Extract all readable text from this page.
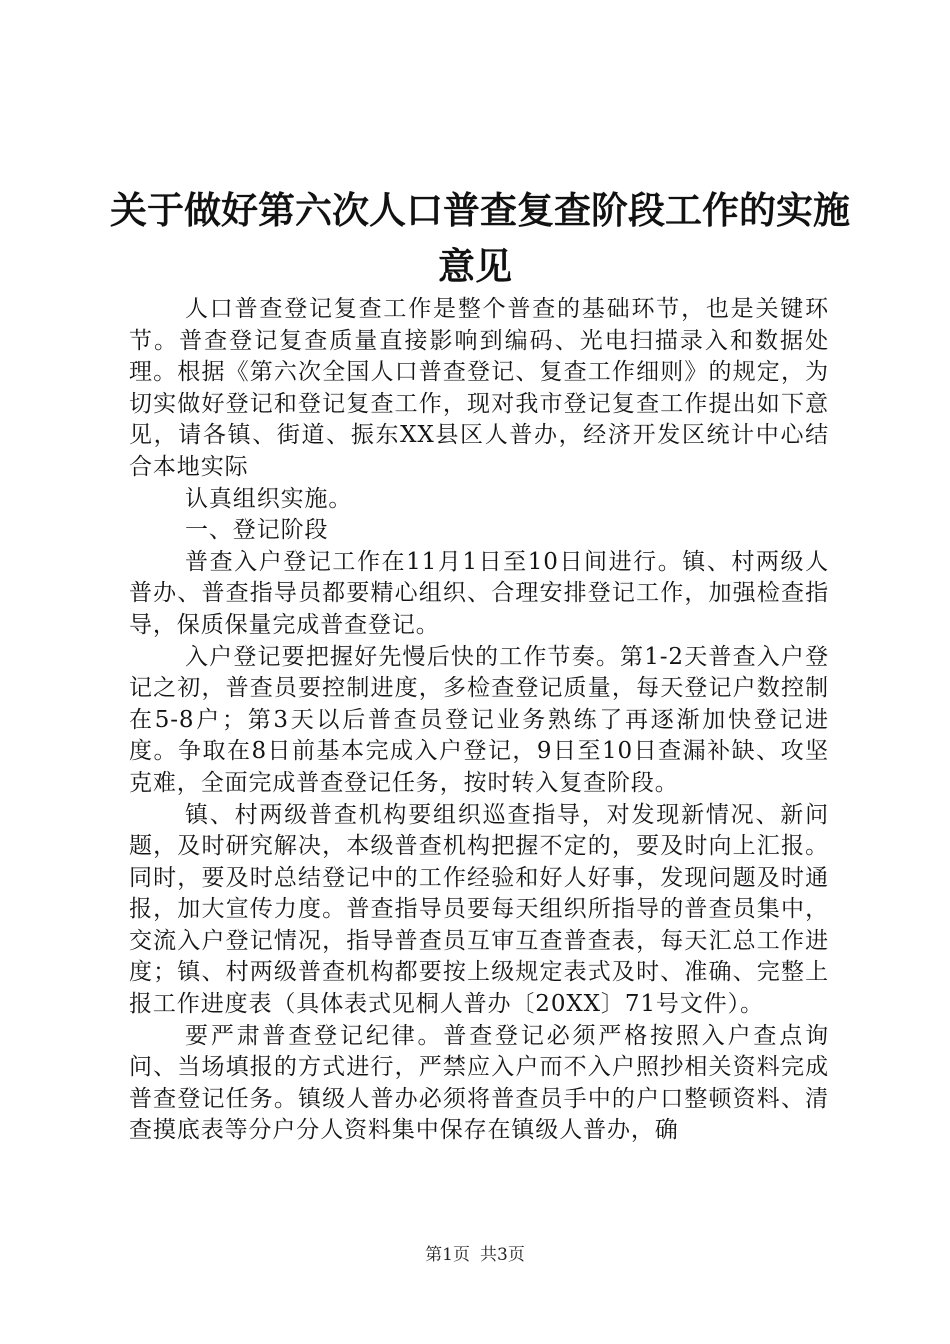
关于做好第六次人口普查复查阶段工作的实施
意见

人口普查登记复查工作是整个普查的基础环节，也是关键环节。普查登记复查质量直接影响到编码、光电扫描录入和数据处理。根据《第六次全国人口普查登记、复查工作细则》的规定，为切实做好登记和登记复查工作，现对我市登记复查工作提出如下意见，请各镇、街道、振东XX县区人普办，经济开发区统计中心结合本地实际

认真组织实施。

一、登记阶段

普查入户登记工作在11月1日至10日间进行。镇、村两级人普办、普查指导员都要精心组织、合理安排登记工作，加强检查指导，保质保量完成普查登记。

入户登记要把握好先慢后快的工作节奏。第1-2天普查入户登记之初，普查员要控制进度，多检查登记质量，每天登记户数控制在5-8户；第3天以后普查员登记业务熟练了再逐渐加快登记进度。争取在8日前基本完成入户登记，9日至10日查漏补缺、攻坚克难，全面完成普查登记任务，按时转入复查阶段。

镇、村两级普查机构要组织巡查指导，对发现新情况、新问题，及时研究解决，本级普查机构把握不定的，要及时向上汇报。同时，要及时总结登记中的工作经验和好人好事，发现问题及时通报，加大宣传力度。普查指导员要每天组织所指导的普查员集中，交流入户登记情况，指导普查员互审互查普查表，每天汇总工作进度；镇、村两级普查机构都要按上级规定表式及时、准确、完整上报工作进度表（具体表式见桐人普办〔20XX〕71号文件）。

要严肃普查登记纪律。普查登记必须严格按照入户查点询问、当场填报的方式进行，严禁应入户而不入户照抄相关资料完成普查登记任务。镇级人普办必须将普查员手中的户口整顿资料、清查摸底表等分户分人资料集中保存在镇级人普办，确

第1页 共3页
